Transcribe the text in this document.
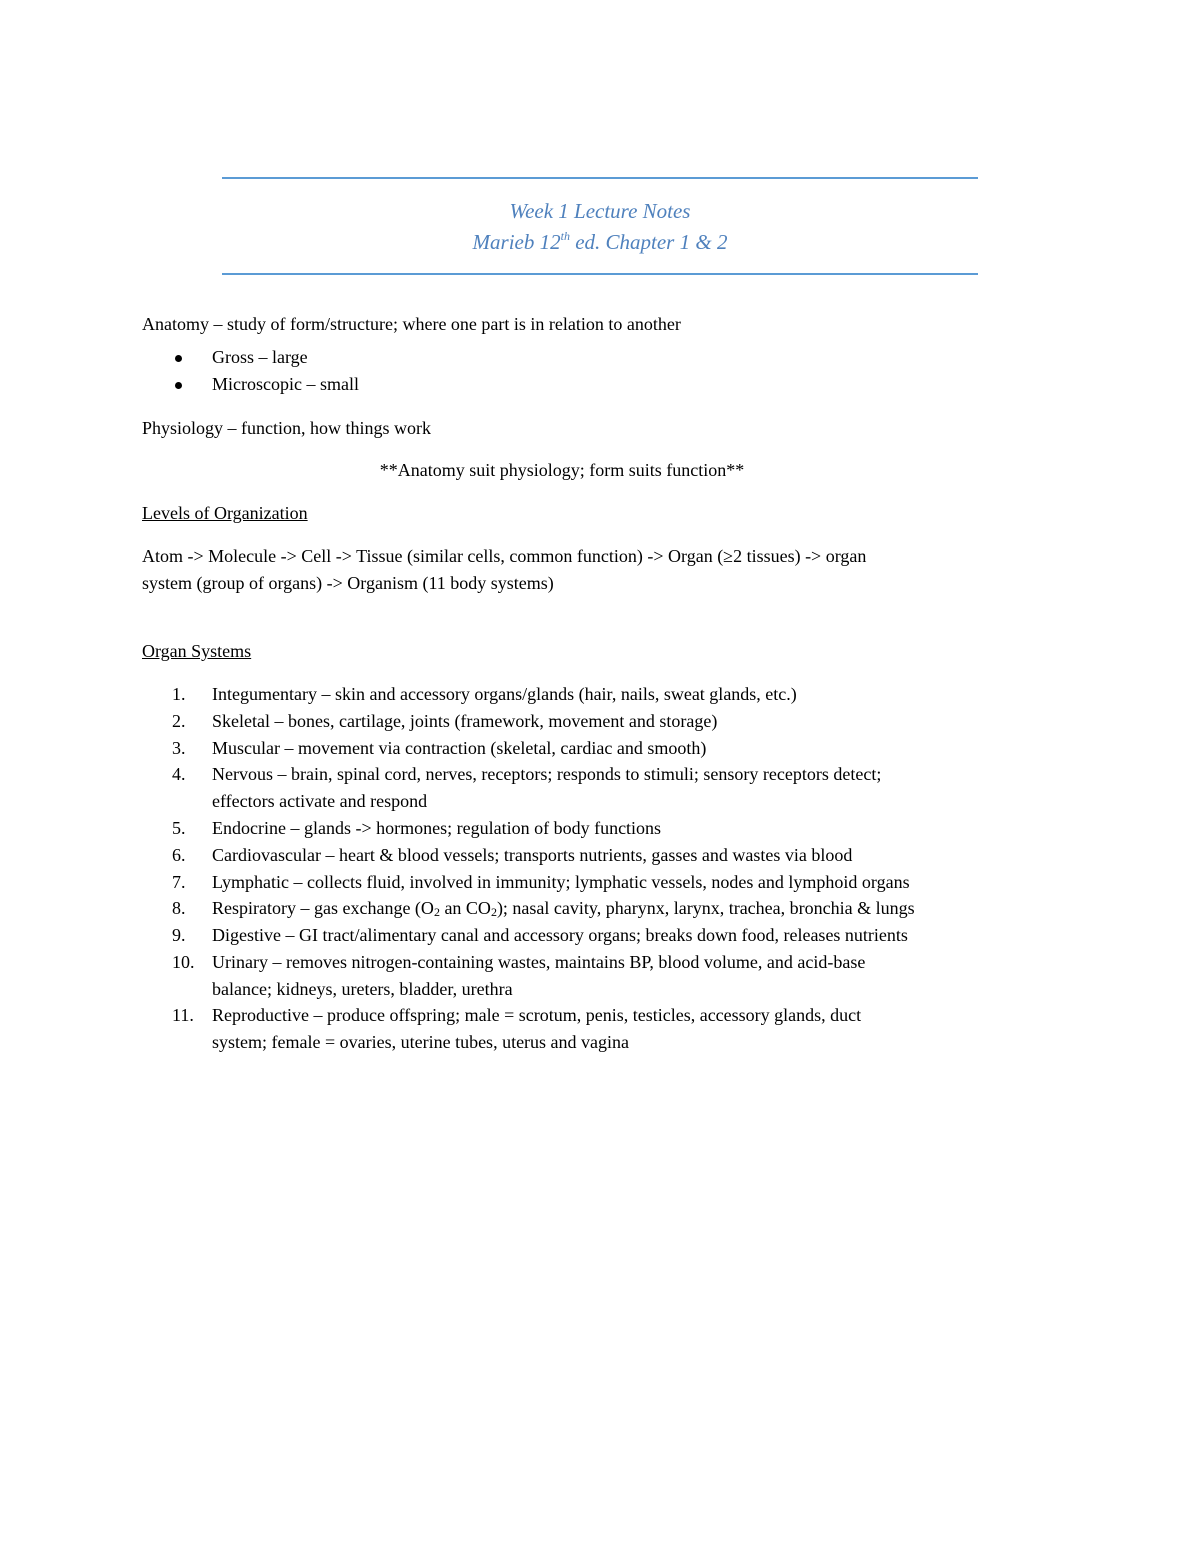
Week 1 Lecture Notes
Marieb 12th ed. Chapter 1 & 2

Anatomy – study of form/structure; where one part is in relation to another

Gross – large
Microscopic – small

Physiology – function, how things work

**Anatomy suit physiology; form suits function**

Levels of Organization

Atom -> Molecule -> Cell -> Tissue (similar cells, common function) -> Organ (≥2 tissues) -> organ

system (group of organs) -> Organism (11 body systems)

Organ Systems

1. Integumentary – skin and accessory organs/glands (hair, nails, sweat glands, etc.)
2. Skeletal – bones, cartilage, joints (framework, movement and storage)
3. Muscular – movement via contraction (skeletal, cardiac and smooth)
4. Nervous – brain, spinal cord, nerves, receptors; responds to stimuli; sensory receptors detect;
effectors activate and respond
5. Endocrine – glands -> hormones; regulation of body functions
6. Cardiovascular – heart & blood vessels; transports nutrients, gasses and wastes via blood
7. Lymphatic – collects fluid, involved in immunity; lymphatic vessels, nodes and lymphoid organs
8. Respiratory – gas exchange (O2 an CO2); nasal cavity, pharynx, larynx, trachea, bronchia & lungs
9. Digestive – GI tract/alimentary canal and accessory organs; breaks down food, releases nutrients
10. Urinary – removes nitrogen-containing wastes, maintains BP, blood volume, and acid-base
balance; kidneys, ureters, bladder, urethra
11. Reproductive – produce offspring; male = scrotum, penis, testicles, accessory glands, duct
system; female = ovaries, uterine tubes, uterus and vagina
